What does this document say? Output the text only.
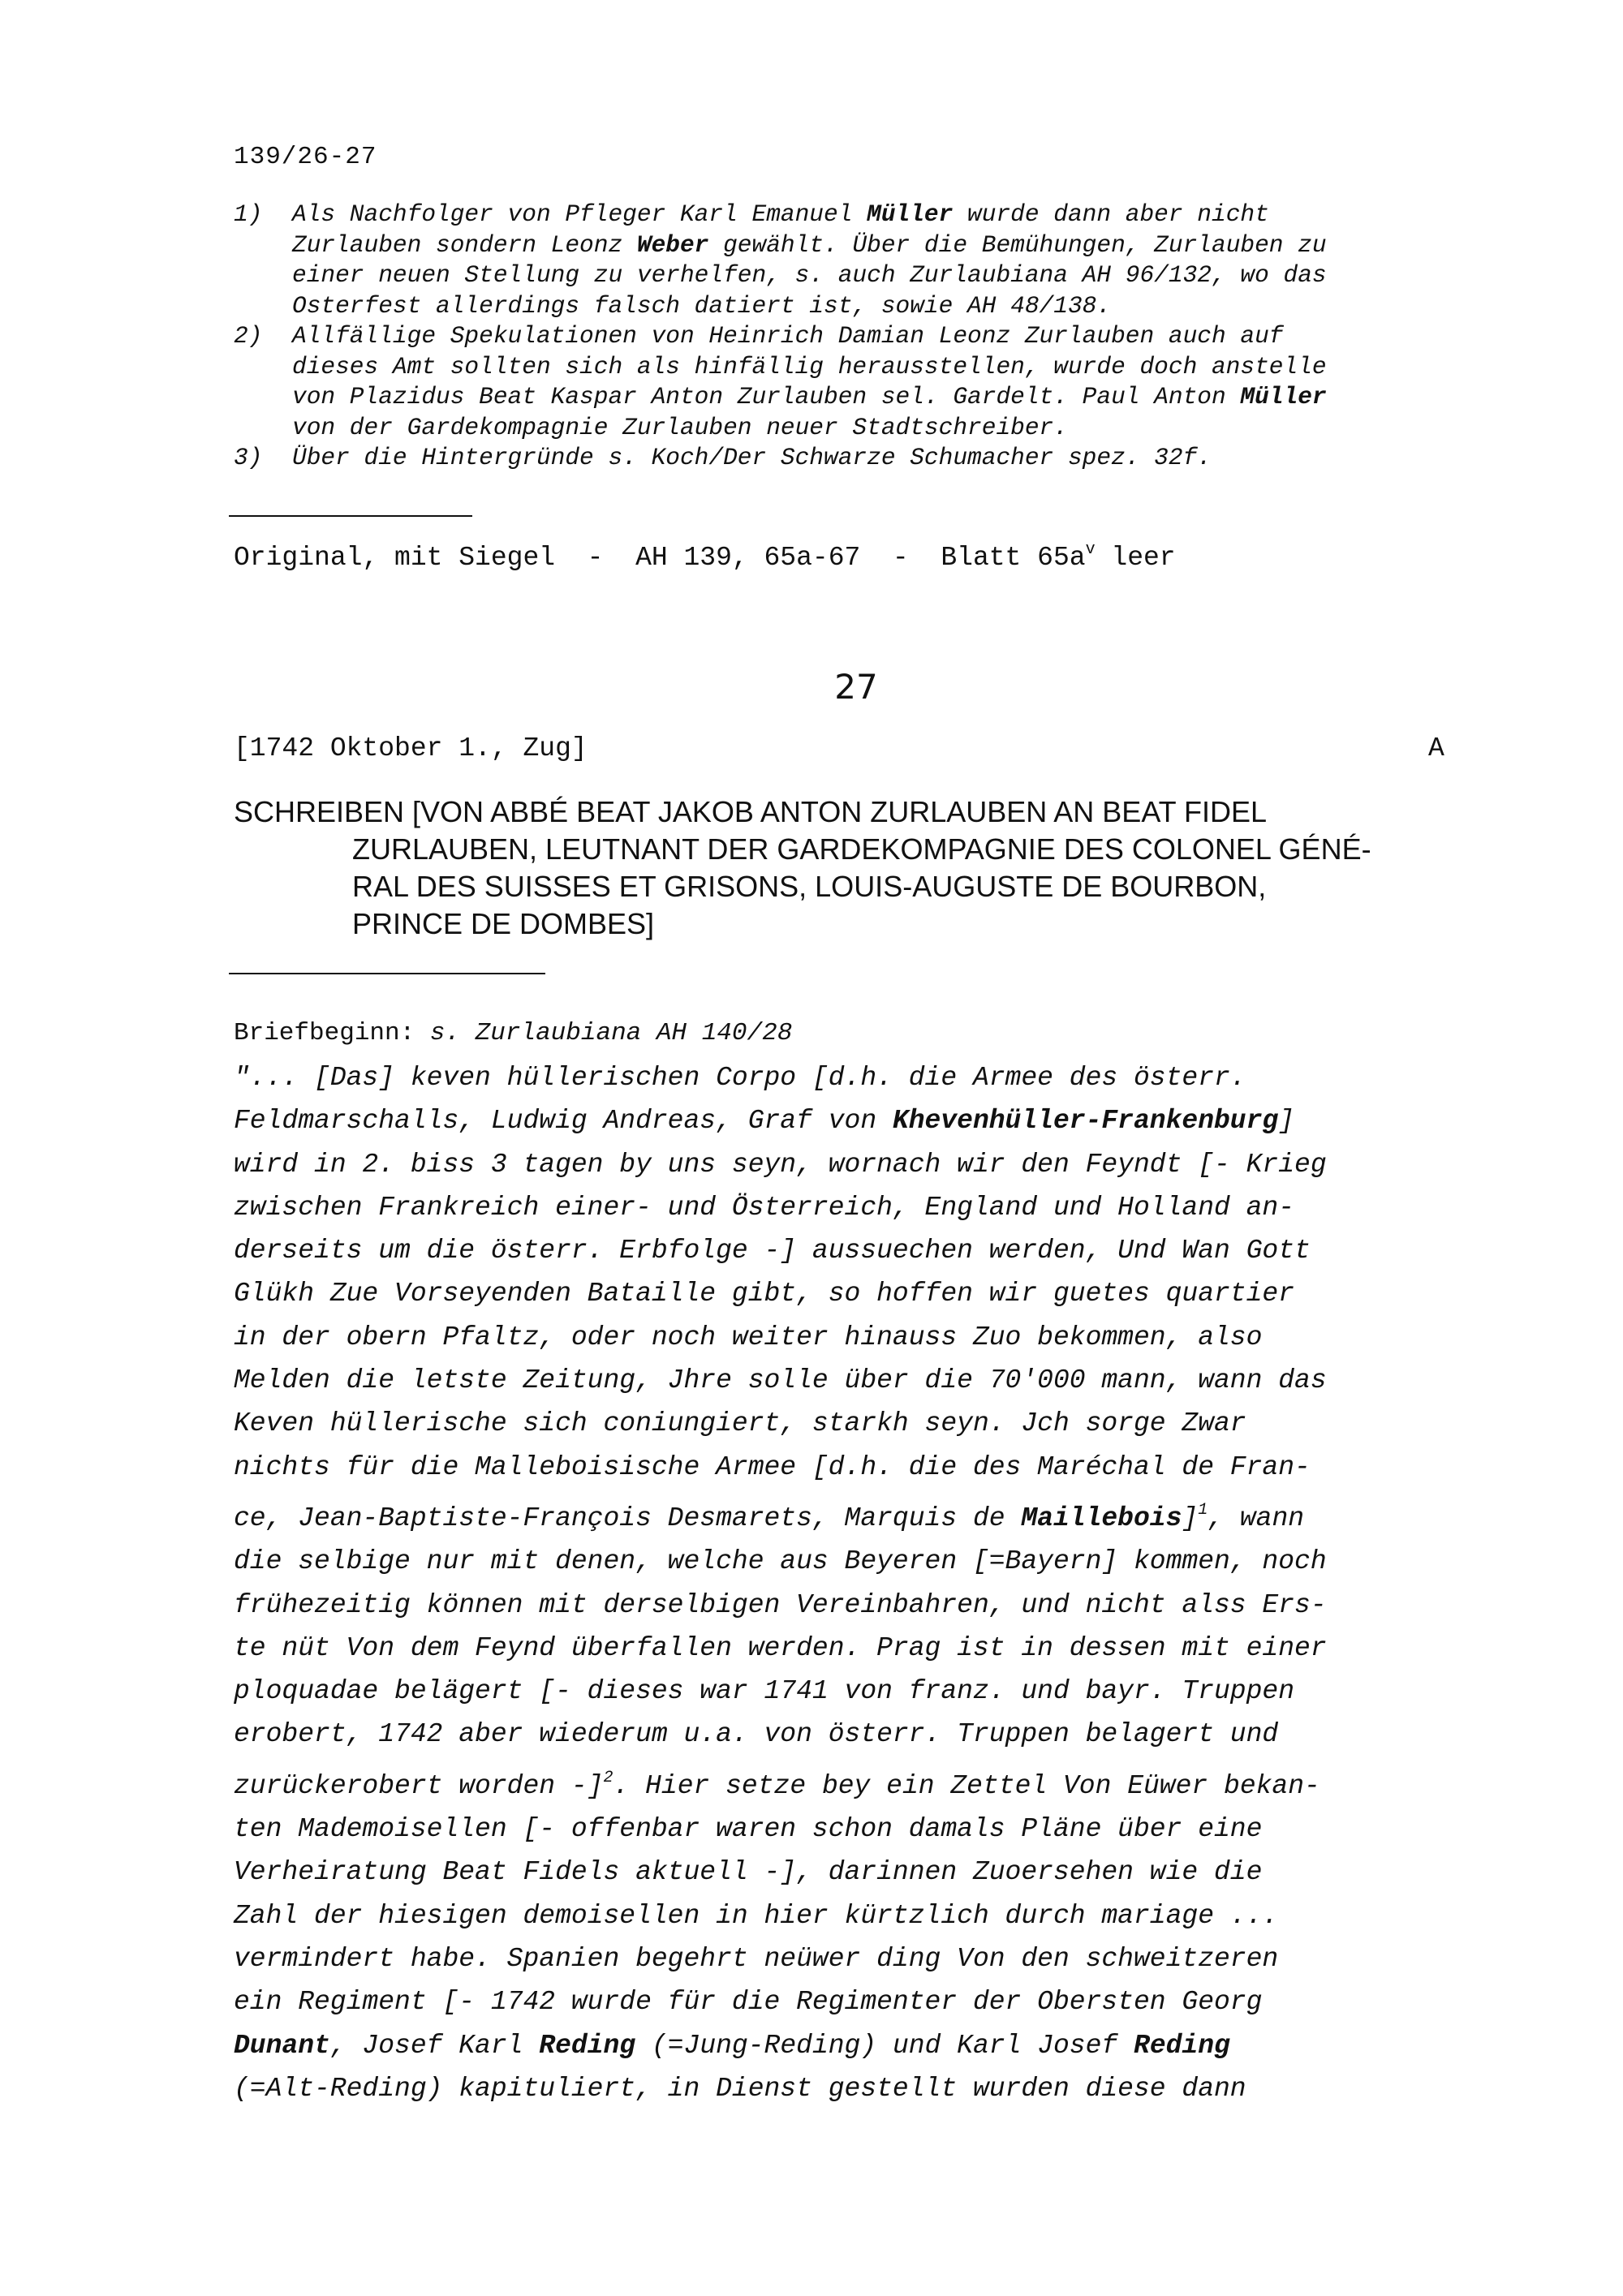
139/26-27
1)	Als Nachfolger von Pfleger Karl Emanuel Müller wurde dann aber nicht
Zurlauben sondern Leonz Weber gewählt. Über die Bemühungen, Zurlauben zu
einer neuen Stellung zu verhelfen, s. auch Zurlaubiana AH 96/132, wo das
Osterfest allerdings falsch datiert ist, sowie AH 48/138.
2)	Allfällige Spekulationen von Heinrich Damian Leonz Zurlauben auch auf
dieses Amt sollten sich als hinfällig herausstellen, wurde doch anstelle
von Plazidus Beat Kaspar Anton Zurlauben sel. Gardelt. Paul Anton Müller
von der Gardekompagnie Zurlauben neuer Stadtschreiber.
3)	Über die Hintergründe s. Koch/Der Schwarze Schumacher spez. 32f.
Original, mit Siegel  -  AH 139, 65a-67  -  Blatt $65a^v$ leer
27
[1742 Oktober 1., Zug]	A
SCHREIBEN [VON ABBÉ BEAT JAKOB ANTON ZURLAUBEN AN BEAT FIDEL
ZURLAUBEN, LEUTNANT DER GARDEKOMPAGNIE DES COLONEL GÉNÉ-
RAL DES SUISSES ET GRISONS, LOUIS-AUGUSTE DE BOURBON,
PRINCE DE DOMBES]
Briefbeginn: s. Zurlaubiana AH 140/28
"... [Das] keven hüllerischen Corpo [d.h. die Armee des österr.
Feldmarschalls, Ludwig Andreas, Graf von Khevenhüller-Frankenburg]
wird in 2. biss 3 tagen by uns seyn, wornach wir den Feyndt [- Krieg
zwischen Frankreich einer- und Österreich, England und Holland an-
derseits um die österr. Erbfolge -] aussuechen werden, Und Wan Gott
Glükh Zue Vorseyenden Bataille gibt, so hoffen wir guetes quartier
in der obern Pfaltz, oder noch weiter hinauss Zuo bekommen, also
Melden die letste Zeitung, Jhre solle über die 70'000 mann, wann das
Keven hüllerische sich coniungiert, starkh seyn. Jch sorge Zwar
nichts für die Malleboisische Armee [d.h. die des Maréchal de Fran-
ce, Jean-Baptiste-François Desmarets, Marquis de Maillebois]$^1$, wann
die selbige nur mit denen, welche aus Beyeren [=Bayern] kommen, noch
frühezeitig können mit derselbigen Vereinbahren, und nicht alss Ers-
te nüt Von dem Feynd überfallen werden. Prag ist in dessen mit einer
ploquadae belägert [- dieses war 1741 von franz. und bayr. Truppen
erobert, 1742 aber wiederum u.a. von österr. Truppen belagert und
zurückerobert worden -]$^2$. Hier setze bey ein Zettel Von Eüwer bekan-
ten Mademoisellen [- offenbar waren schon damals Pläne über eine
Verheiratung Beat Fidels aktuell -], darinnen Zuoersehen wie die
Zahl der hiesigen demoisellen in hier kürtzlich durch mariage ...
vermindert habe. Spanien begehrt neüwer ding Von den schweitzeren
ein Regiment [- 1742 wurde für die Regimenter der Obersten Georg
Dunant, Josef Karl Reding (=Jung-Reding) und Karl Josef Reding
(=Alt-Reding) kapituliert, in Dienst gestellt wurden diese dann
